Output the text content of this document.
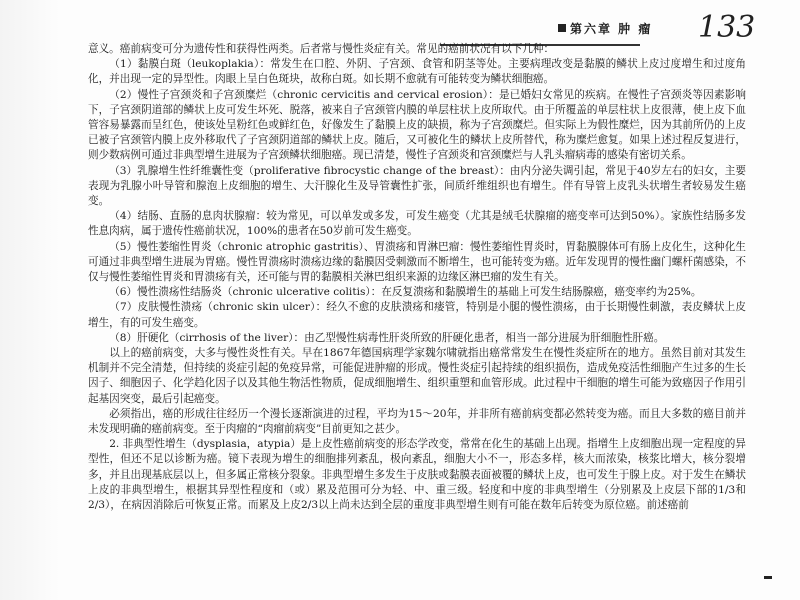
第六章 肿 瘤 133

意义。癌前病变可分为遗传性和获得性两类。后者常与慢性炎症有关。常见的癌前状况有以下几种：

（1）黏膜白斑（leukoplakia）：常发生在口腔、外阴、子宫颈、食管和阴茎等处。主要病理改变是黏膜的鳞状上皮过度增生和过度角化，并出现一定的异型性。肉眼上呈白色斑块，故称白斑。如长期不愈就有可能转变为鳞状细胞癌。

（2）慢性子宫颈炎和子宫颈糜烂（chronic cervicitis and cervical erosion）：是已婚妇女常见的疾病。在慢性子宫颈炎等因素影响下，子宫颈阴道部的鳞状上皮可发生坏死、脱落，被来自子宫颈管内膜的单层柱状上皮所取代。由于所覆盖的单层柱状上皮很薄，使上皮下血管容易暴露而呈红色，使该处呈粉红色或鲜红色，好像发生了黏膜上皮的缺损，称为子宫颈糜烂。但实际上为假性糜烂，因为其前所仍的上皮已被子宫颈管内膜上皮外移取代了子宫颈阴道部的鳞状上皮。随后，又可被化生的鳞状上皮所替代，称为糜烂愈复。如果上述过程反复进行，则少数病例可通过非典型增生进展为子宫颈鳞状细胞癌。现已清楚，慢性子宫颈炎和宫颈糜烂与人乳头瘤病毒的感染有密切关系。

（3）乳腺增生性纤维囊性变（proliferative fibrocystic change of the breast）：由内分泌失调引起，常见于40岁左右的妇女，主要表现为乳腺小叶导管和腺泡上皮细胞的增生、大汗腺化生及导管囊性扩张，间质纤维组织也有增生。伴有导管上皮乳头状增生者较易发生癌变。

（4）结肠、直肠的息肉状腺瘤：较为常见，可以单发或多发，可发生癌变（尤其是绒毛状腺瘤的癌变率可达到50%）。家族性结肠多发性息肉病，属于遗传性癌前状况，100%的患者在50岁前可发生癌变。

（5）慢性萎缩性胃炎（chronic atrophic gastritis）、胃溃疡和胃淋巴瘤：慢性萎缩性胃炎时，胃黏膜腺体可有肠上皮化生，这种化生可通过非典型增生进展为胃癌。慢性胃溃疡时溃疡边缘的黏膜因受刺激而不断增生，也可能转变为癌。近年发现胃的慢性幽门螺杆菌感染，不仅与慢性萎缩性胃炎和胃溃疡有关，还可能与胃的黏膜相关淋巴组织来源的边缘区淋巴瘤的发生有关。

（6）慢性溃疡性结肠炎（chronic ulcerative colitis）：在反复溃疡和黏膜增生的基础上可发生结肠腺癌，癌变率约为25%。

（7）皮肤慢性溃疡（chronic skin ulcer）：经久不愈的皮肤溃疡和瘘管，特别是小腿的慢性溃疡，由于长期慢性刺激，表皮鳞状上皮增生，有的可发生癌变。

（8）肝硬化（cirrhosis of the liver）：由乙型慢性病毒性肝炎所致的肝硬化患者，相当一部分进展为肝细胞性肝癌。

以上的癌前病变，大多与慢性炎性有关。早在1867年德国病理学家魏尔啸就指出癌常常发生在慢性炎症所在的地方。虽然目前对其发生机制并不完全清楚，但持续的炎症引起的免疫异常，可能促进肿瘤的形成。慢性炎症引起持续的组织损伤，造成免疫活性细胞产生过多的生长因子、细胞因子、化学趋化因子以及其他生物活性物质，促成细胞增生、组织重塑和血管形成。此过程中干细胞的增生可能为致癌因子作用引起基因突变，最后引起癌变。

必须指出，癌的形成往往经历一个漫长逐渐演进的过程，平均为15～20年，并非所有癌前病变都必然转变为癌。而且大多数的癌目前并未发现明确的癌前病变。至于肉瘤的“肉瘤前病变”目前更知之甚少。

2. 非典型性增生（dysplasia，atypia）是上皮性癌前病变的形态学改变，常常在化生的基础上出现。指增生上皮细胞出现一定程度的异型性，但还不足以诊断为癌。镜下表现为增生的细胞排列紊乱，极向紊乱，细胞大小不一，形态多样，核大而浓染，核浆比增大，核分裂增多，并且出现基底层以上，但多属正常核分裂象。非典型增生多发生于皮肤或黏膜表面被覆的鳞状上皮，也可发生于腺上皮。对于发生在鳞状上皮的非典型增生，根据其异型性程度和（或）累及范围可分为轻、中、重三级。轻度和中度的非典型增生（分别累及上皮层下部的1/3和2/3），在病因消除后可恢复正常。而累及上皮2/3以上尚未达到全层的重度非典型增生则有可能在数年后转变为原位癌。前述癌前
